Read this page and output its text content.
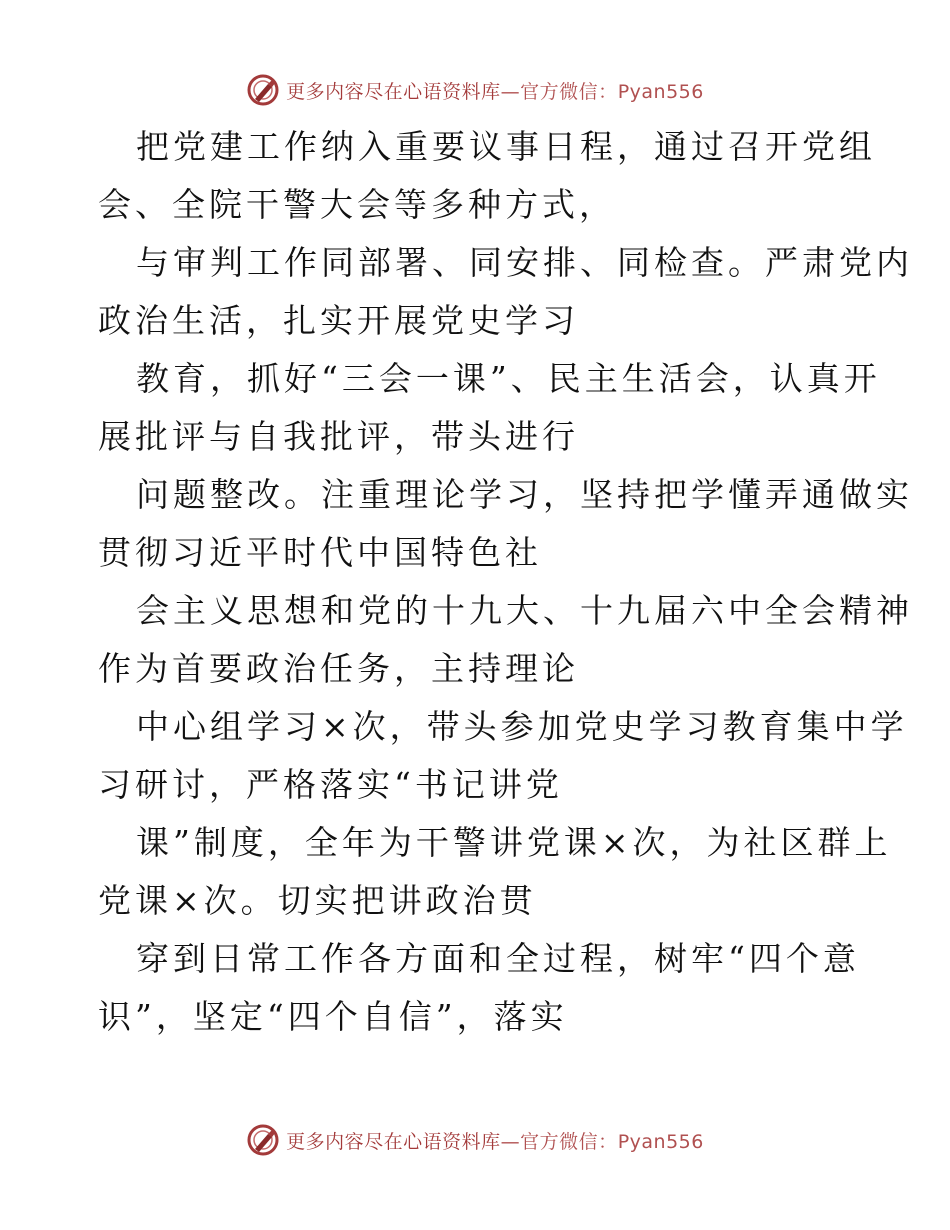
更多内容尽在心语资料库—官方微信：Pyan556

把党建工作纳入重要议事日程，通过召开党组
会、全院干警大会等多种方式，

与审判工作同部署、同安排、同检查。严肃党内
政治生活，扎实开展党史学习

教育，抓好“三会一课”、民主生活会，认真开
展批评与自我批评，带头进行

问题整改。注重理论学习，坚持把学懂弄通做实
贯彻习近平时代中国特色社

会主义思想和党的十九大、十九届六中全会精神
作为首要政治任务，主持理论

中心组学习×次，带头参加党史学习教育集中学
习研讨，严格落实“书记讲党

课”制度，全年为干警讲党课×次，为社区群上
党课×次。切实把讲政治贯

穿到日常工作各方面和全过程，树牢“四个意
识”，坚定“四个自信”，落实

更多内容尽在心语资料库—官方微信：Pyan556
